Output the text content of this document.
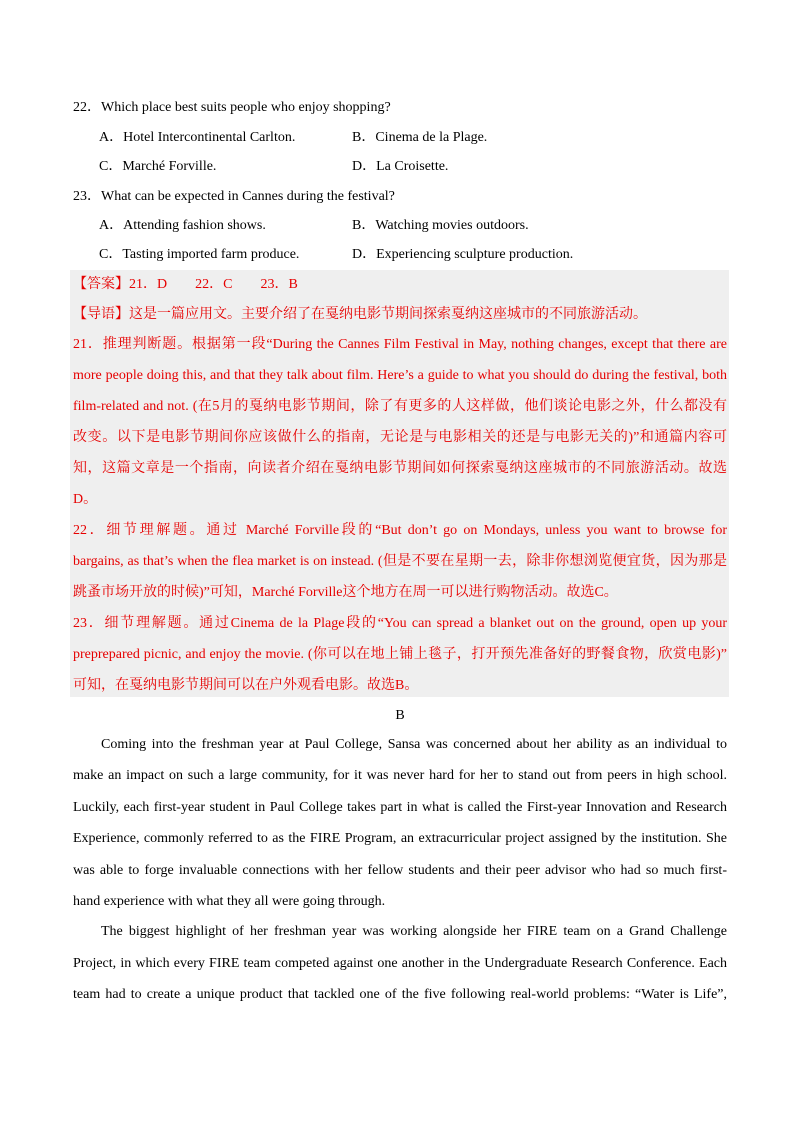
22．Which place best suits people who enjoy shopping?
A．Hotel Intercontinental Carlton.	B．Cinema de la Plage.
C．Marché Forville.	D．La Croisette.
23．What can be expected in Cannes during the festival?
A．Attending fashion shows.	B．Watching movies outdoors.
C．Tasting imported farm produce.	D．Experiencing sculpture production.
【答案】21．D　　22．C　　23．B
【导语】这是一篇应用文。主要介绍了在戛纳电影节期间探索戛纳这座城市的不同旅游活动。
21．推理判断题。根据第一段“During the Cannes Film Festival in May, nothing changes, except that there are
more people doing this, and that they talk about film. Here’s a guide to what you should do during the festival, both
film-related and not. (在5月的戛纳电影节期间，除了有更多的人这样做，他们谈论电影之外，什么都没有
改变。以下是电影节期间你应该做什么的指南，无论是与电影相关的还是与电影无关的)”和通篇内容可
知，这篇文章是一个指南，向读者介绍在戛纳电影节期间如何探索戛纳这座城市的不同旅游活动。故选
D。
22．细节理解题。通过 Marché Forville段的“But don’t go on Mondays, unless you want to browse for
bargains, as that’s when the flea market is on instead. (但是不要在星期一去，除非你想浏览便宜货，因为那是
跳蚤市场开放的时候)”可知，Marché Forville这个地方在周一可以进行购物活动。故选C。
23．细节理解题。通过Cinema de la Plage段的“You can spread a blanket out on the ground, open up your
preprepared picnic, and enjoy the movie. (你可以在地上铺上毯子，打开预先准备好的野餐食物，欣赏电影)”
可知，在戛纳电影节期间可以在户外观看电影。故选B。
B
Coming into the freshman year at Paul College, Sansa was concerned about her ability as an individual to
make an impact on such a large community, for it was never hard for her to stand out from peers in high school.
Luckily, each first-year student in Paul College takes part in what is called the First-year Innovation and Research
Experience, commonly referred to as the FIRE Program, an extracurricular project assigned by the institution. She
was able to forge invaluable connections with her fellow students and their peer advisor who had so much first-
hand experience with what they all were going through.
The biggest highlight of her freshman year was working alongside her FIRE team on a Grand Challenge
Project, in which every FIRE team competed against one another in the Undergraduate Research Conference. Each
team had to create a unique product that tackled one of the five following real-world problems: “Water is Life”,
